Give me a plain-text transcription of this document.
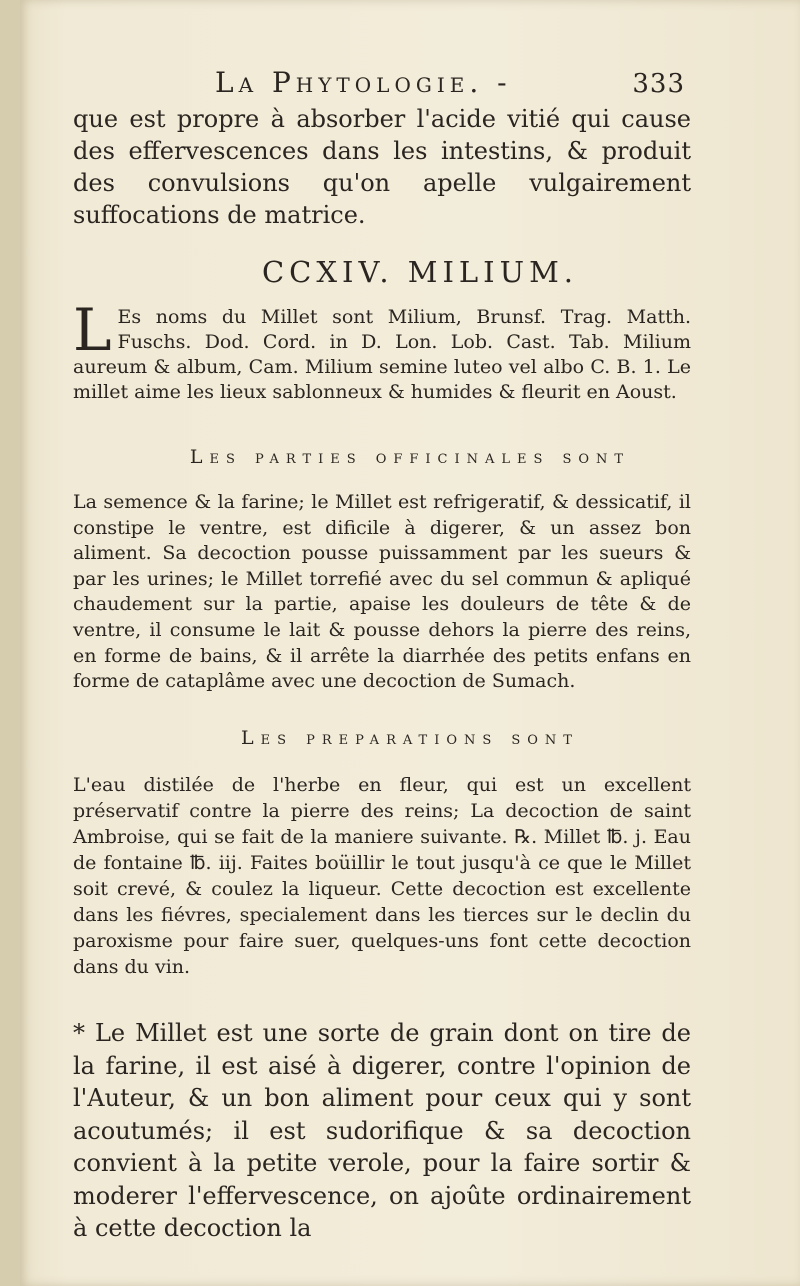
La Phytologie. -	333
que est propre à absorber l'acide vitié qui cause des effervescences dans les intestins, & produit des convulsions qu'on apelle vulgairement suffocations de matrice.
CCXIV. MILIUM.
L Es noms du Millet sont Milium, Brunsf. Trag. Matth. Fuschs. Dod. Cord. in D. Lon. Lob. Cast. Tab. Milium aureum & album, Cam. Milium semine luteo vel albo C. B. 1. Le millet aime les lieux sablonneux & humides & fleurit en Aoust.
Les parties officinales sont
La semence & la farine; le Millet est refrigeratif, & dessicatif, il constipe le ventre, est dificile à digerer, & un assez bon aliment. Sa decoction pousse puissamment par les sueurs & par les urines; le Millet torrefié avec du sel commun & apliqué chaudement sur la partie, apaise les douleurs de tête & de ventre, il consume le lait & pousse dehors la pierre des reins, en forme de bains, & il arrête la diarrhée des petits enfans en forme de cataplâme avec une decoction de Sumach.
Les preparations sont
L'eau distilée de l'herbe en fleur, qui est un excellent préservatif contre la pierre des reins; La decoction de saint Ambroise, qui se fait de la maniere suivante. ℞. Millet ℔. j. Eau de fontaine ℔. iij. Faites boüillir le tout jusqu'à ce que le Millet soit crevé, & coulez la liqueur. Cette decoction est excellente dans les fiévres, specialement dans les tierces sur le declin du paroxisme pour faire suer, quelques-uns font cette decoction dans du vin.
* Le Millet est une sorte de grain dont on tire de la farine, il est aisé à digerer, contre l'opinion de l'Auteur, & un bon aliment pour ceux qui y sont acoutumés; il est sudorifique & sa decoction convient à la petite verole, pour la faire sortir & moderer l'effervescence, on ajoûte ordinairement à cette decoction la
